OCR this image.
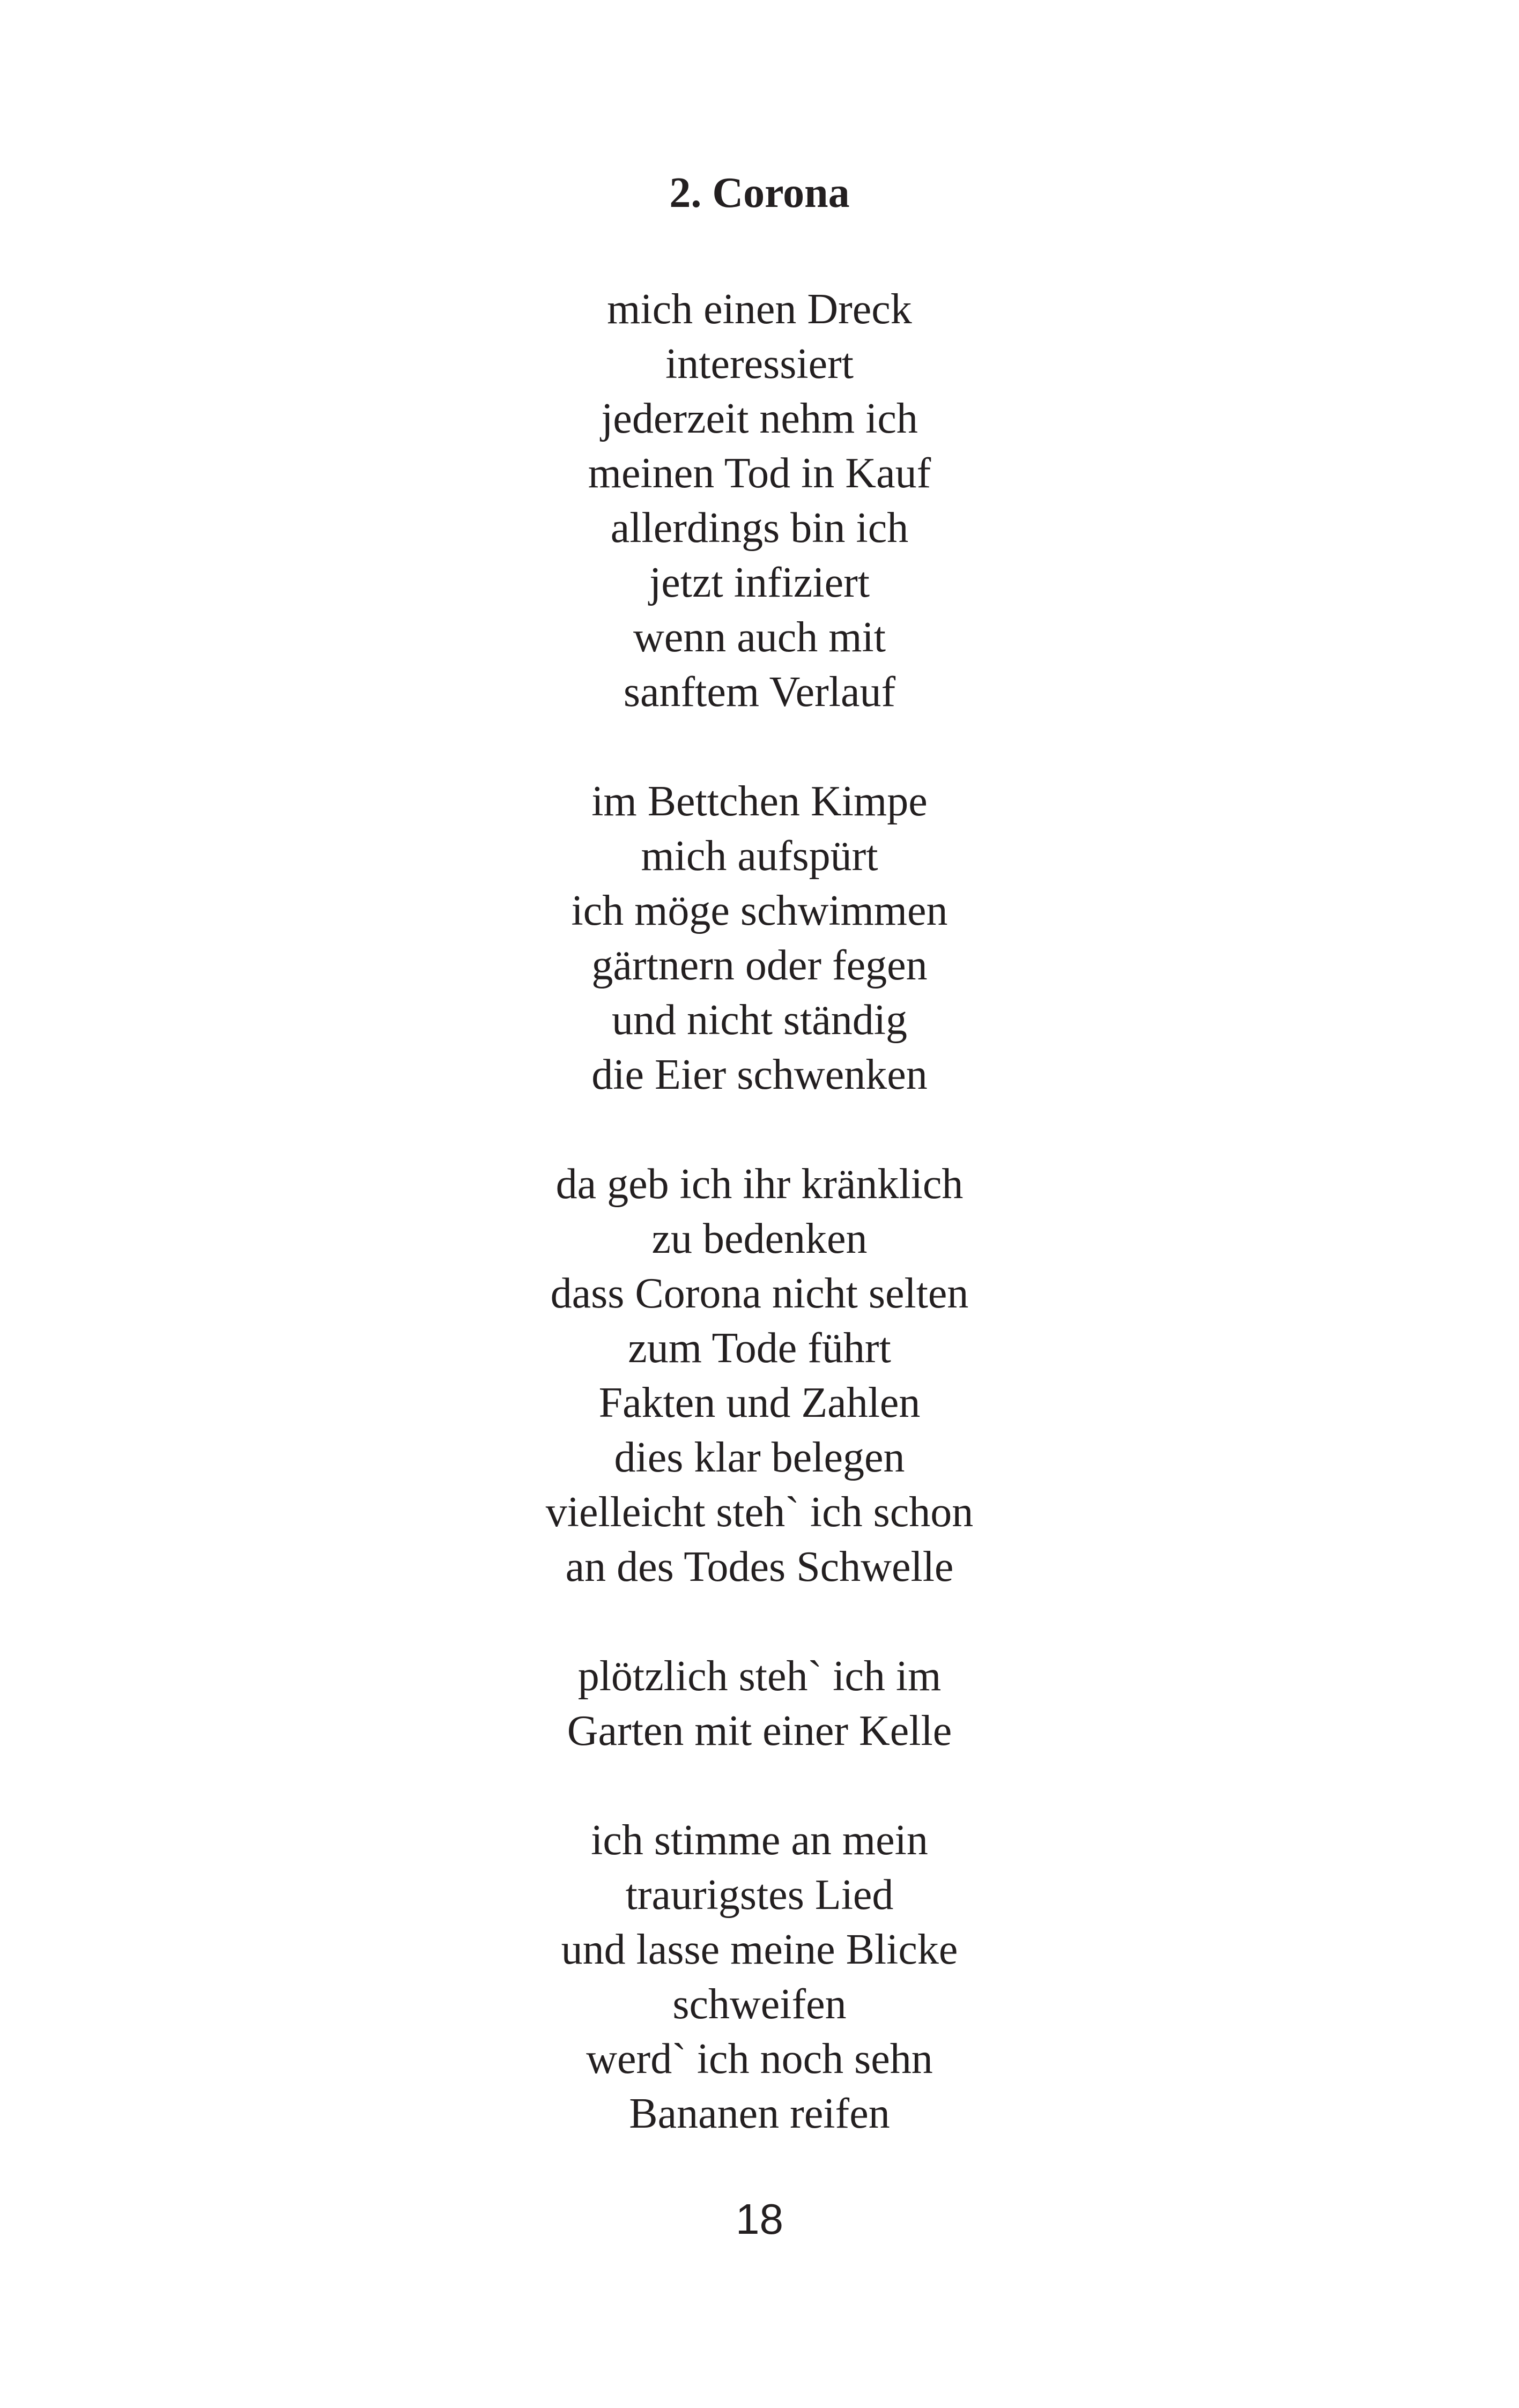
2. Corona
mich einen Dreck
interessiert
jederzeit nehm ich
meinen Tod in Kauf
allerdings bin ich
jetzt infiziert
wenn auch mit
sanftem Verlauf
im Bettchen Kimpe
mich aufspürt
ich möge schwimmen
gärtnern oder fegen
und nicht ständig
die Eier schwenken
da geb ich ihr kränklich
zu bedenken
dass Corona nicht selten
zum Tode führt
Fakten und Zahlen
dies klar belegen
vielleicht steh` ich schon
an des Todes Schwelle
plötzlich steh` ich im
Garten mit einer Kelle
ich stimme an mein
traurigstes Lied
und lasse meine Blicke
schweifen
werd` ich noch sehn
Bananen reifen
18
